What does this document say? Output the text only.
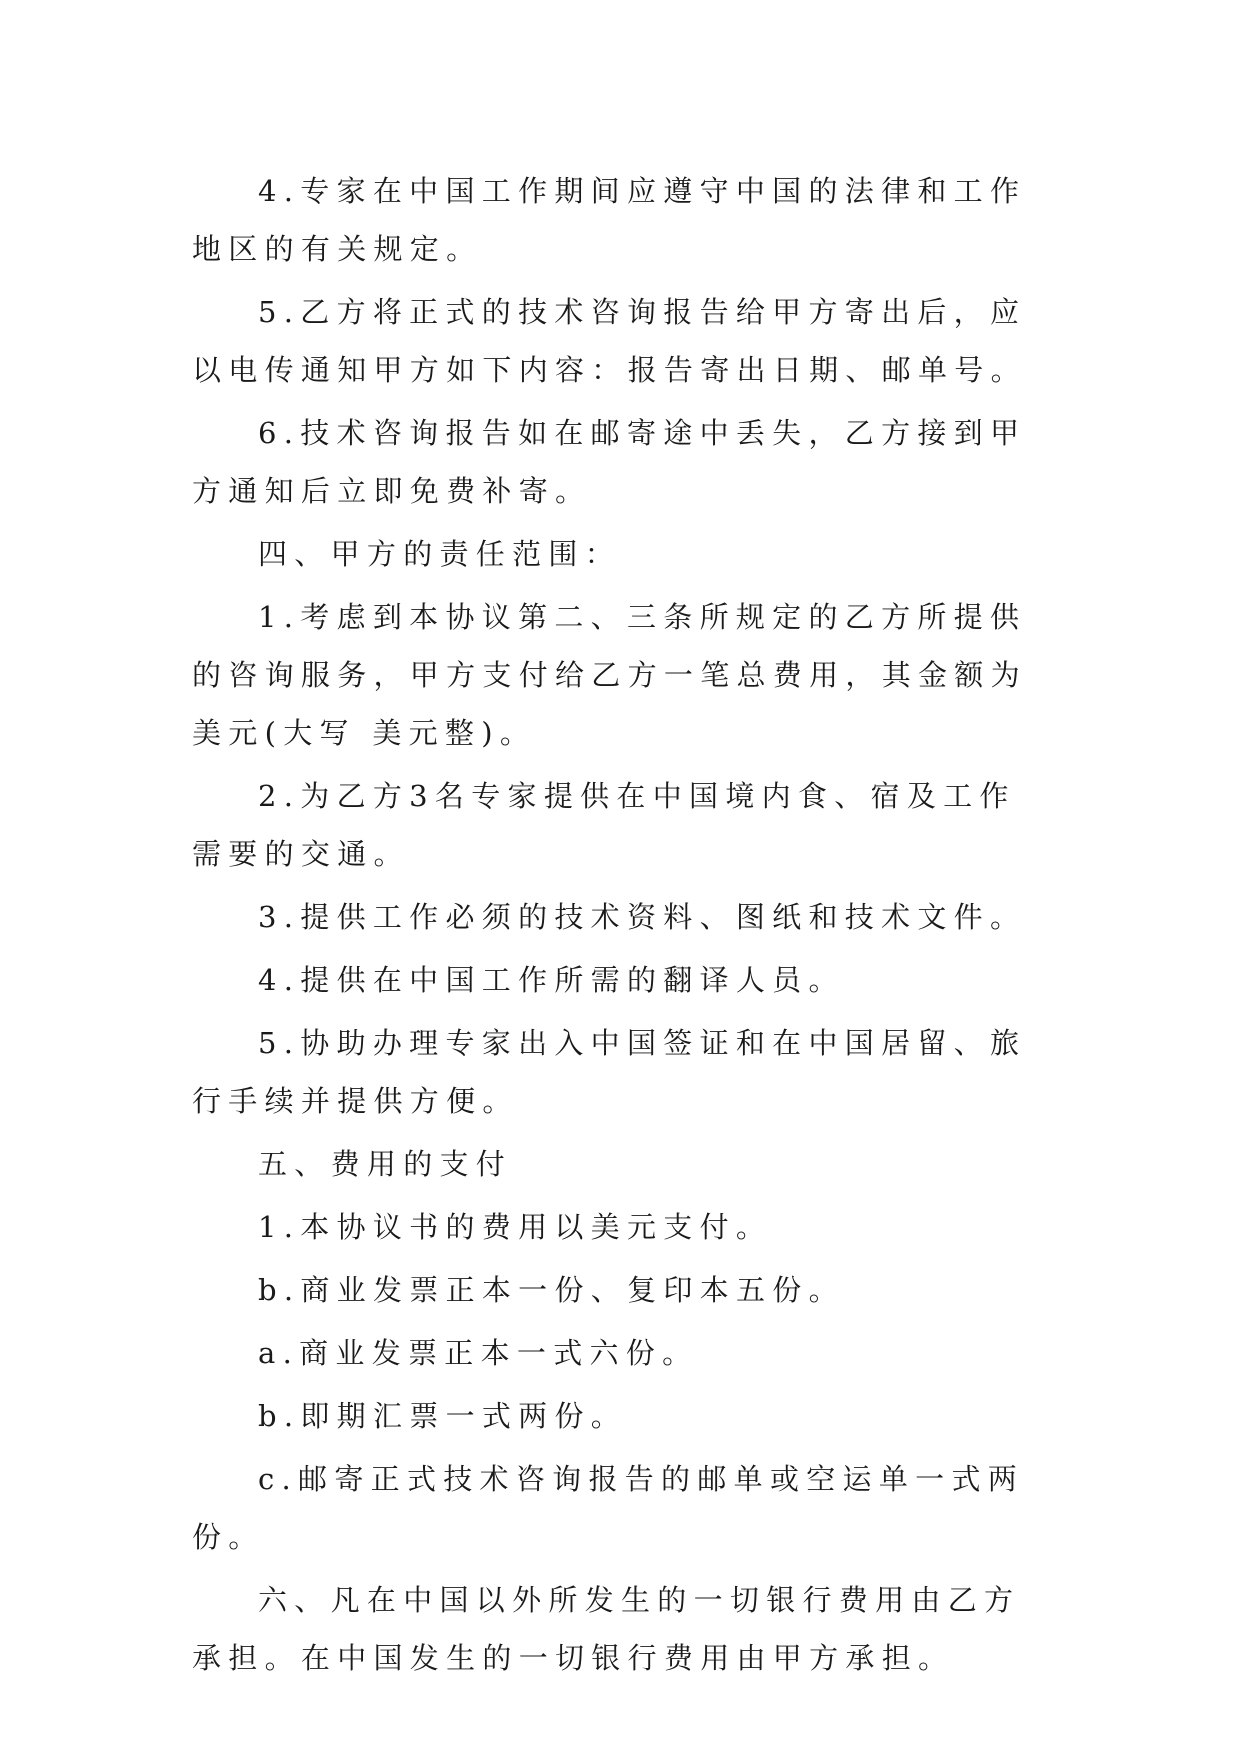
4.专家在中国工作期间应遵守中国的法律和工作地区的有关规定。

5.乙方将正式的技术咨询报告给甲方寄出后，应以电传通知甲方如下内容：报告寄出日期、邮单号。

6.技术咨询报告如在邮寄途中丢失，乙方接到甲方通知后立即免费补寄。

四、甲方的责任范围：

1.考虑到本协议第二、三条所规定的乙方所提供的咨询服务，甲方支付给乙方一笔总费用，其金额为 美元(大写 美元整)。

2.为乙方3名专家提供在中国境内食、宿及工作需要的交通。

3.提供工作必须的技术资料、图纸和技术文件。

4.提供在中国工作所需的翻译人员。

5.协助办理专家出入中国签证和在中国居留、旅行手续并提供方便。

五、费用的支付

1.本协议书的费用以美元支付。

b.商业发票正本一份、复印本五份。

a.商业发票正本一式六份。

b.即期汇票一式两份。

c.邮寄正式技术咨询报告的邮单或空运单一式两份。

六、凡在中国以外所发生的一切银行费用由乙方承担。在中国发生的一切银行费用由甲方承担。
